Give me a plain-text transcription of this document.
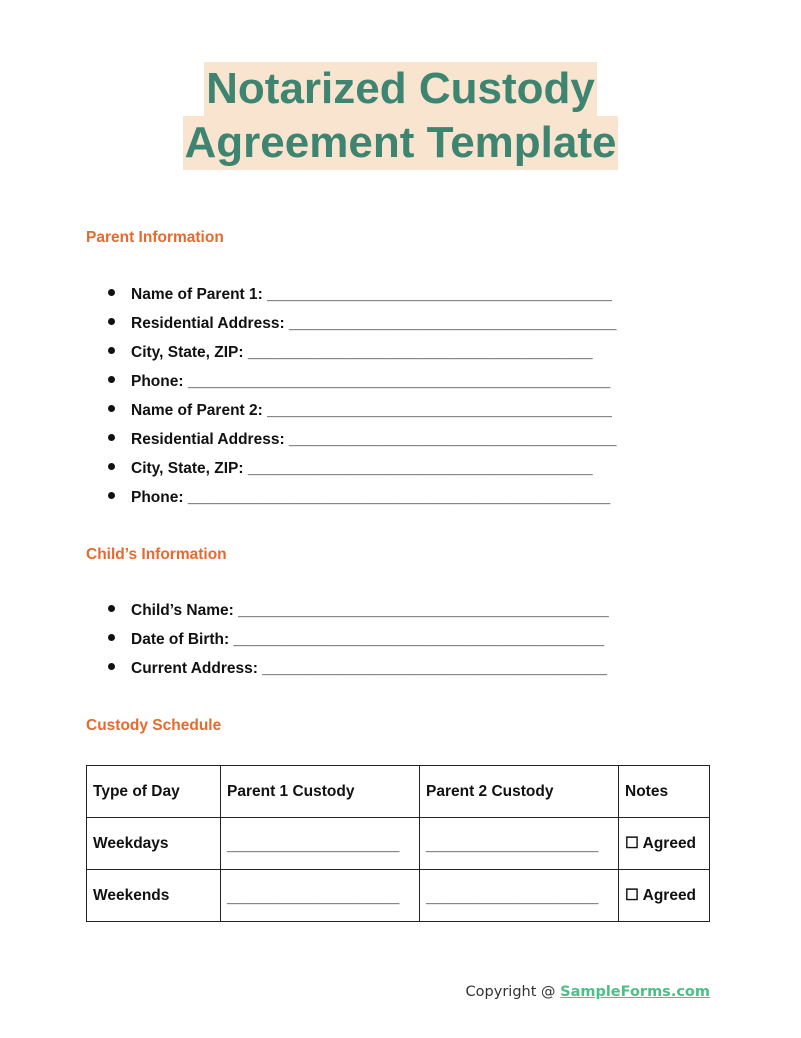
Notarized Custody
Agreement Template
Parent Information
Name of Parent 1: ________________________________________
Residential Address: ______________________________________
City, State, ZIP: ________________________________________
Phone: _________________________________________________
Name of Parent 2: ________________________________________
Residential Address: ______________________________________
City, State, ZIP: ________________________________________
Phone: _________________________________________________
Child’s Information
Child’s Name: ___________________________________________
Date of Birth: ___________________________________________
Current Address: ________________________________________
Custody Schedule
Type of Day	Parent 1 Custody	Parent 2 Custody	Notes
Weekdays	____________________	____________________	☐ Agreed
Weekends	____________________	____________________	☐ Agreed
Copyright @ SampleForms.com
